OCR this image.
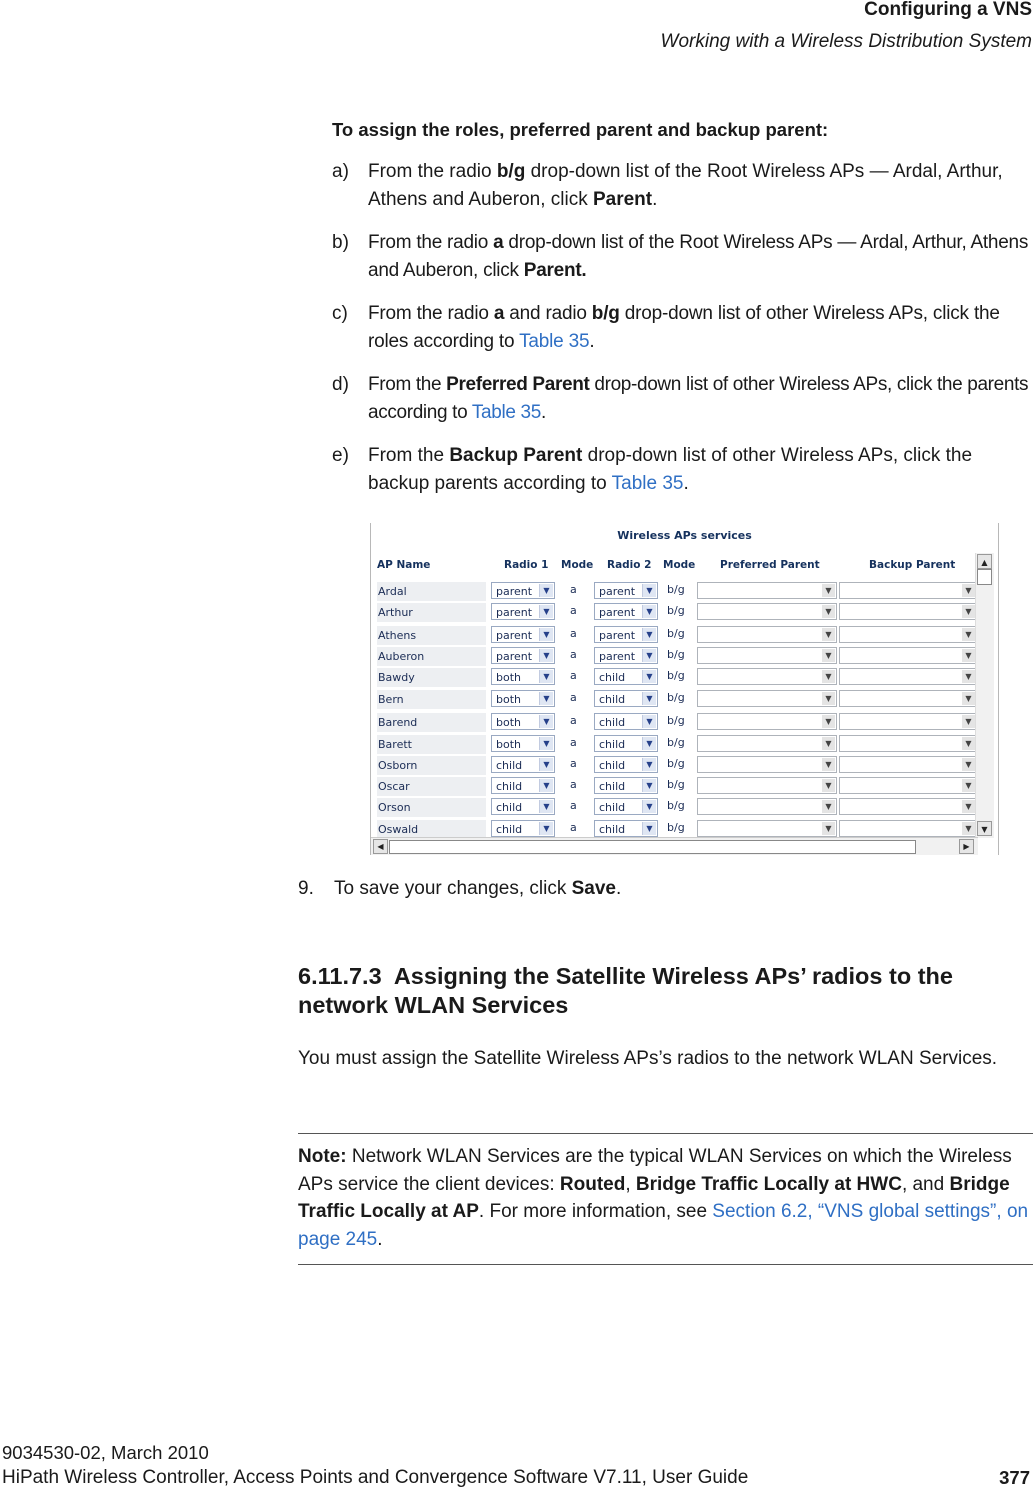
Configuring a VNS
Working with a Wireless Distribution System
To assign the roles, preferred parent and backup parent:
a) From the radio b/g drop-down list of the Root Wireless APs — Ardal, Arthur, Athens and Auberon, click Parent.
b) From the radio a drop-down list of the Root Wireless APs — Ardal, Arthur, Athens and Auberon, click Parent.
c) From the radio a and radio b/g drop-down list of other Wireless APs, click the roles according to Table 35.
d) From the Preferred Parent drop-down list of other Wireless APs, click the parents according to Table 35.
e) From the Backup Parent drop-down list of other Wireless APs, click the backup parents according to Table 35.
Wireless APs services
AP Name	Radio 1 Mode Radio 2 Mode Preferred Parent	Backup Parent
Ardal	parent	▼	a	parent	▼	b/g	▼	▼
Arthur	parent	▼	a	parent	▼	b/g	▼	▼
Athens	parent	▼	a	parent	▼	b/g	▼	▼
Auberon	parent	▼	a	parent	▼	b/g	▼	▼
Bawdy	both	▼	a	child	▼	b/g	▼	▼
Bern	both	▼	a	child	▼	b/g	▼	▼
Barend	both	▼	a	child	▼	b/g	▼	▼
Barett	both	▼	a	child	▼	b/g	▼	▼
Osborn	child	▼	a	child	▼	b/g	▼	▼
Oscar	child	▼	a	child	▼	b/g	▼	▼
Orson	child	▼	a	child	▼	b/g	▼	▼
Oswald	child	▼	a	child	▼	b/g	▼	▼
▲
▼
◀	▶
9. To save your changes, click Save.
6.11.7.3 Assigning the Satellite Wireless APs’ radios to the network WLAN Services
You must assign the Satellite Wireless APs’s radios to the network WLAN Services.
Note: Network WLAN Services are the typical WLAN Services on which the Wireless APs service the client devices: Routed, Bridge Traffic Locally at HWC, and Bridge Traffic Locally at AP. For more information, see Section 6.2, “VNS global settings”, on page 245.
9034530-02, March 2010
HiPath Wireless Controller, Access Points and Convergence Software V7.11, User Guide	377
